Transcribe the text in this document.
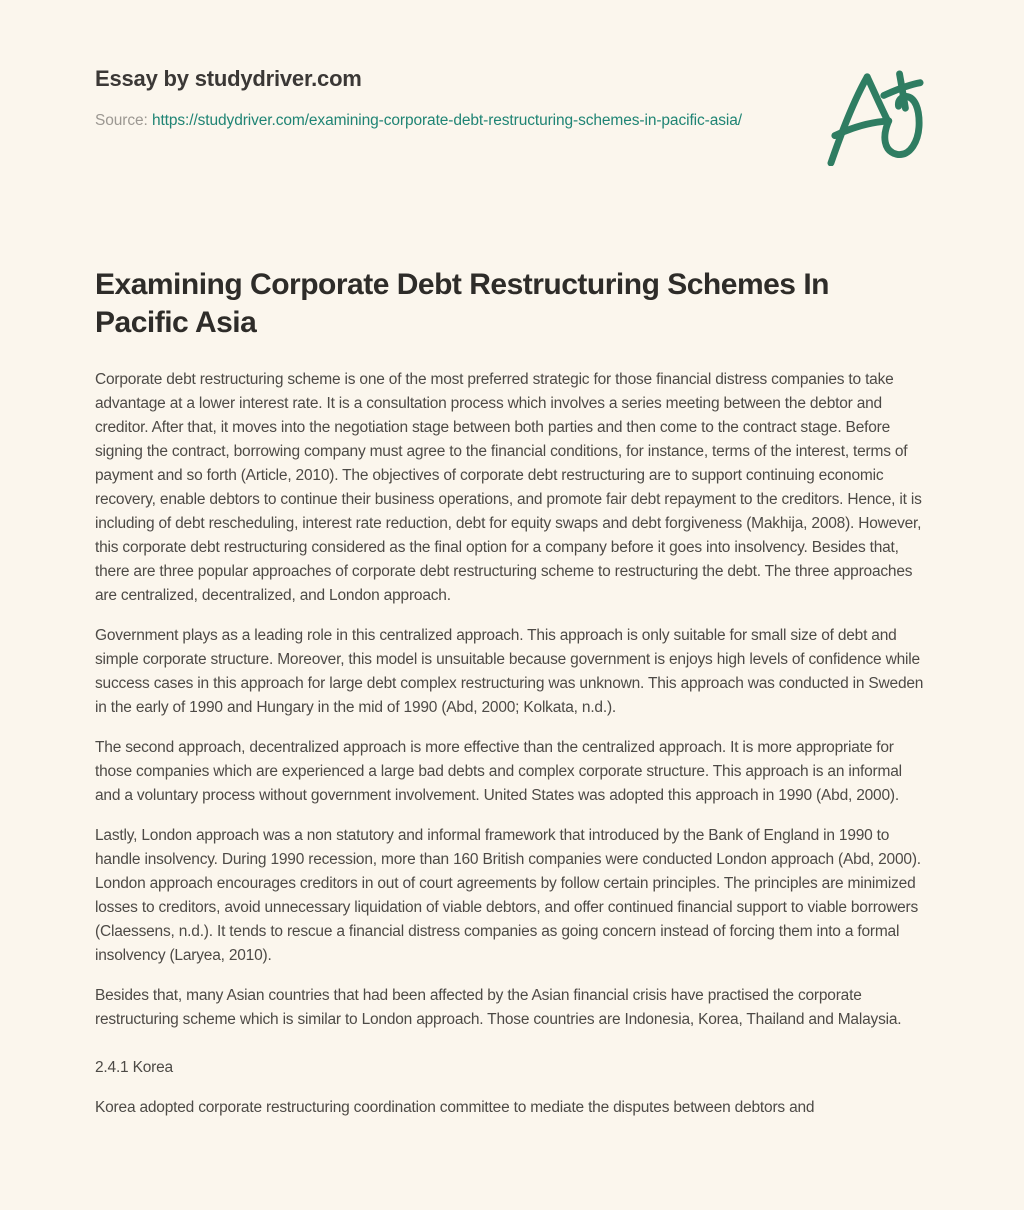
Essay by studydriver.com

Source: https://studydriver.com/examining-corporate-debt-restructuring-schemes-in-pacific-asia/

Examining Corporate Debt Restructuring Schemes In Pacific Asia

Corporate debt restructuring scheme is one of the most preferred strategic for those financial distress companies to take advantage at a lower interest rate. It is a consultation process which involves a series meeting between the debtor and creditor. After that, it moves into the negotiation stage between both parties and then come to the contract stage. Before signing the contract, borrowing company must agree to the financial conditions, for instance, terms of the interest, terms of payment and so forth (Article, 2010). The objectives of corporate debt restructuring are to support continuing economic recovery, enable debtors to continue their business operations, and promote fair debt repayment to the creditors. Hence, it is including of debt rescheduling, interest rate reduction, debt for equity swaps and debt forgiveness (Makhija, 2008). However, this corporate debt restructuring considered as the final option for a company before it goes into insolvency. Besides that, there are three popular approaches of corporate debt restructuring scheme to restructuring the debt. The three approaches are centralized, decentralized, and London approach.

Government plays as a leading role in this centralized approach. This approach is only suitable for small size of debt and simple corporate structure. Moreover, this model is unsuitable because government is enjoys high levels of confidence while success cases in this approach for large debt complex restructuring was unknown. This approach was conducted in Sweden in the early of 1990 and Hungary in the mid of 1990 (Abd, 2000; Kolkata, n.d.).

The second approach, decentralized approach is more effective than the centralized approach. It is more appropriate for those companies which are experienced a large bad debts and complex corporate structure. This approach is an informal and a voluntary process without government involvement. United States was adopted this approach in 1990 (Abd, 2000).

Lastly, London approach was a non statutory and informal framework that introduced by the Bank of England in 1990 to handle insolvency. During 1990 recession, more than 160 British companies were conducted London approach (Abd, 2000). London approach encourages creditors in out of court agreements by follow certain principles. The principles are minimized losses to creditors, avoid unnecessary liquidation of viable debtors, and offer continued financial support to viable borrowers (Claessens, n.d.). It tends to rescue a financial distress companies as going concern instead of forcing them into a formal insolvency (Laryea, 2010).

Besides that, many Asian countries that had been affected by the Asian financial crisis have practised the corporate restructuring scheme which is similar to London approach. Those countries are Indonesia, Korea, Thailand and Malaysia.

2.4.1 Korea

Korea adopted corporate restructuring coordination committee to mediate the disputes between debtors and
